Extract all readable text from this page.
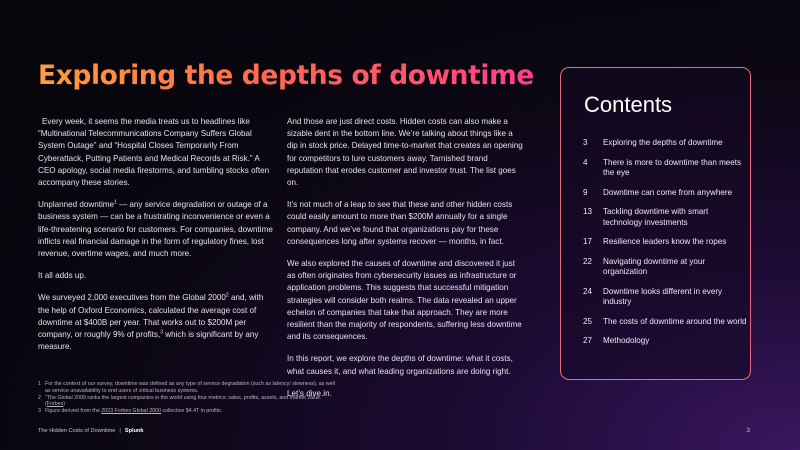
Exploring the depths of downtime

Every week, it seems the media treats us to headlines like “Multinational Telecommunications Company Suffers Global System Outage” and “Hospital Closes Temporarily From Cyberattack, Putting Patients and Medical Records at Risk.” A CEO apology, social media firestorms, and tumbling stocks often accompany these stories.

Unplanned downtime$^1$ — any service degradation or outage of a business system — can be a frustrating inconvenience or even a life-threatening scenario for customers. For companies, downtime inflicts real financial damage in the form of regulatory fines, lost revenue, overtime wages, and much more.

It all adds up.

We surveyed 2,000 executives from the Global 2000$^2$ and, with the help of Oxford Economics, calculated the average cost of downtime at $400B per year. That works out to $200M per company, or roughly 9% of profits,$^3$ which is significant by any measure.

And those are just direct costs. Hidden costs can also make a sizable dent in the bottom line. We’re talking about things like a dip in stock price. Delayed time-to-market that creates an opening for competitors to lure customers away. Tarnished brand reputation that erodes customer and investor trust. The list goes on.

It’s not much of a leap to see that these and other hidden costs could easily amount to more than $200M annually for a single company. And we’ve found that organizations pay for these consequences long after systems recover — months, in fact.

We also explored the causes of downtime and discovered it just as often originates from cybersecurity issues as infrastructure or application problems. This suggests that successful mitigation strategies will consider both realms. The data revealed an upper echelon of companies that take that approach. They are more resilient than the majority of respondents, suffering less downtime and its consequences.

In this report, we explore the depths of downtime: what it costs, what causes it, and what leading organizations are doing right.

Let’s dive in.

Contents
3	Exploring the depths of downtime
4	There is more to downtime than meets the eye
9	Downtime can come from anywhere
13	Tackling downtime with smart technology investments
17	Resilience leaders know the ropes
22	Navigating downtime at your organization
24	Downtime looks different in every industry
25	The costs of downtime around the world
27	Methodology
1 For the context of our survey, downtime was defined as any type of service degradation (such as latency/ slowness), as well as service unavailability to end users of critical business systems.
2 “The Global 2000 ranks the largest companies in the world using four metrics: sales, profits, assets, and market value.” (Forbes)
3 Figure derived from the 2023 Forbes Global 2000 collective $4.4T in profits.
The Hidden Costs of Downtime | Splunk	3
